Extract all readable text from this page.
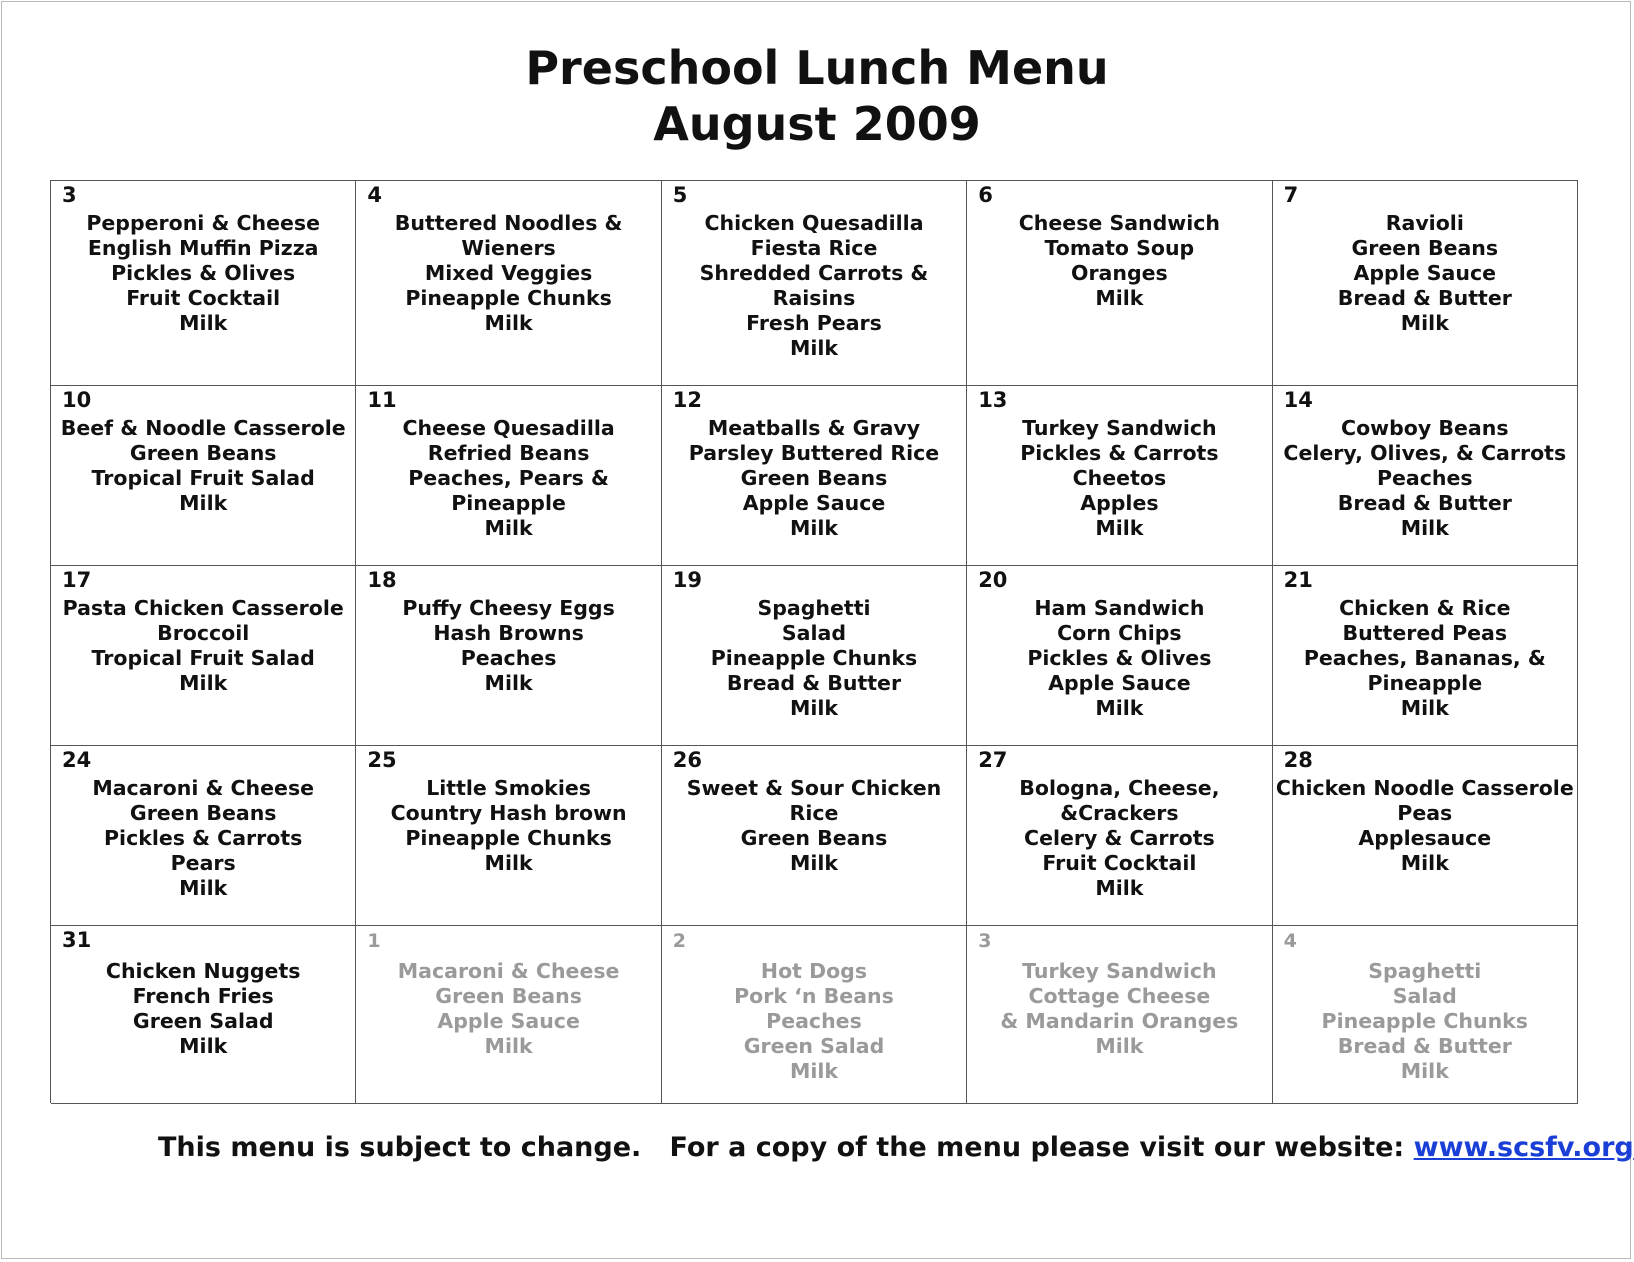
Preschool Lunch Menu
August 2009
3
Pepperoni & Cheese
English Muffin Pizza
Pickles & Olives
Fruit Cocktail
Milk
4
Buttered Noodles &
Wieners
Mixed Veggies
Pineapple Chunks
Milk
5
Chicken Quesadilla
Fiesta Rice
Shredded Carrots &
Raisins
Fresh Pears
Milk
6
Cheese Sandwich
Tomato Soup
Oranges
Milk
7
Ravioli
Green Beans
Apple Sauce
Bread & Butter
Milk
10
Beef & Noodle Casserole
Green Beans
Tropical Fruit Salad
Milk
11
Cheese Quesadilla
Refried Beans
Peaches, Pears &
Pineapple
Milk
12
Meatballs & Gravy
Parsley Buttered Rice
Green Beans
Apple Sauce
Milk
13
Turkey Sandwich
Pickles & Carrots
Cheetos
Apples
Milk
14
Cowboy Beans
Celery, Olives, & Carrots
Peaches
Bread & Butter
Milk
17
Pasta Chicken Casserole
Broccoil
Tropical Fruit Salad
Milk
18
Puffy Cheesy Eggs
Hash Browns
Peaches
Milk
19
Spaghetti
Salad
Pineapple Chunks
Bread & Butter
Milk
20
Ham Sandwich
Corn Chips
Pickles & Olives
Apple Sauce
Milk
21
Chicken & Rice
Buttered Peas
Peaches, Bananas, &
Pineapple
Milk
24
Macaroni & Cheese
Green Beans
Pickles & Carrots
Pears
Milk
25
Little Smokies
Country Hash brown
Pineapple Chunks
Milk
26
Sweet & Sour Chicken
Rice
Green Beans
Milk
27
Bologna, Cheese,
&Crackers
Celery & Carrots
Fruit Cocktail
Milk
28
Chicken Noodle Casserole
Peas
Applesauce
Milk
31
Chicken Nuggets
French Fries
Green Salad
Milk
1
Macaroni & Cheese
Green Beans
Apple Sauce
Milk
2
Hot Dogs
Pork ‘n Beans
Peaches
Green Salad
Milk
3
Turkey Sandwich
Cottage Cheese
& Mandarin Oranges
Milk
4
Spaghetti
Salad
Pineapple Chunks
Bread & Butter
Milk
This menu is subject to change.   For a copy of the menu please visit our website: www.scsfv.org
